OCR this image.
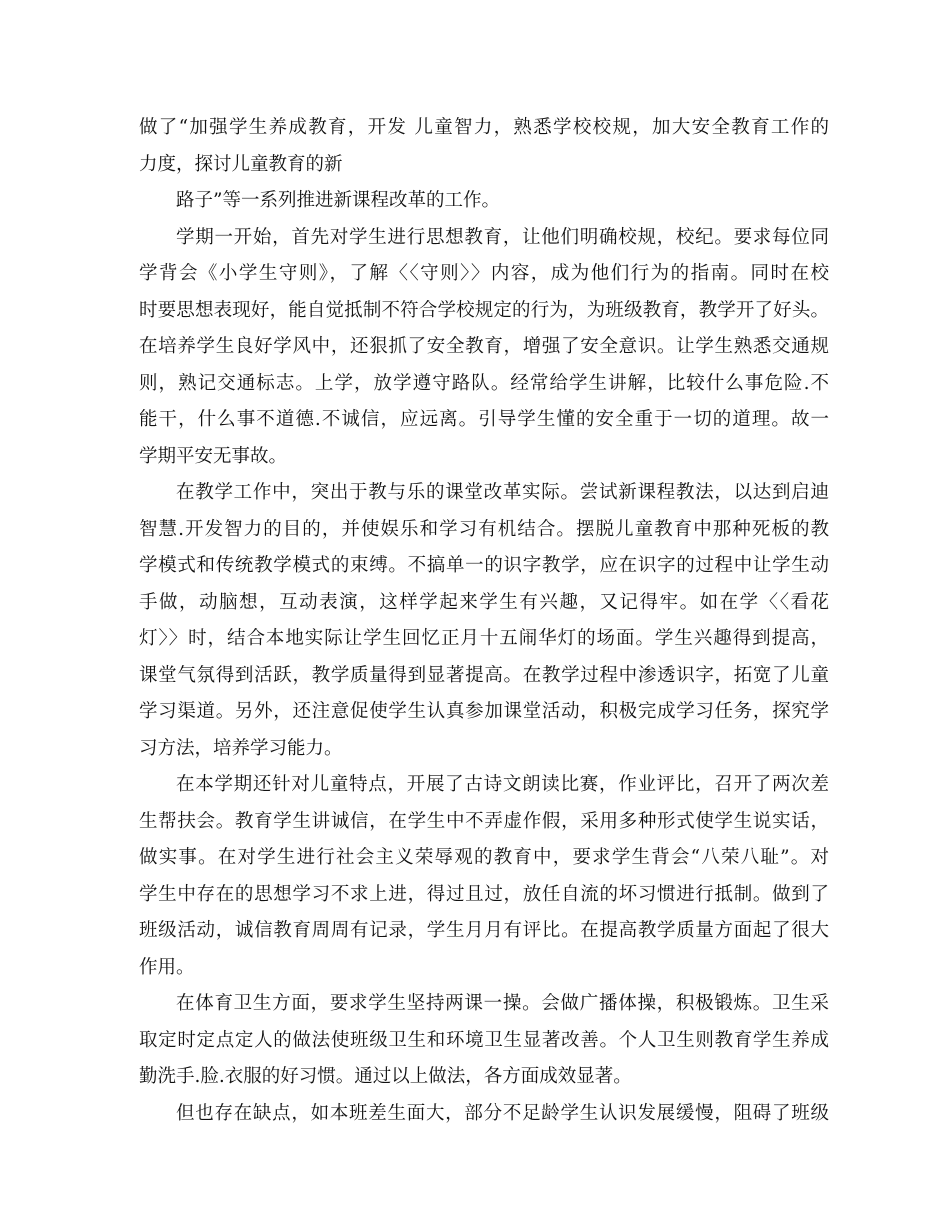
做了“加强学生养成教育，开发 儿童智力，熟悉学校校规，加大安全教育工作的
力度，探讨儿童教育的新
路子”等一系列推进新课程改革的工作。
学期一开始，首先对学生进行思想教育，让他们明确校规，校纪。要求每位同
学背会《小学生守则》，了解〈〈守则〉〉内容，成为他们行为的指南。同时在校
时要思想表现好，能自觉抵制不符合学校规定的行为，为班级教育，教学开了好头。
在培养学生良好学风中，还狠抓了安全教育，增强了安全意识。让学生熟悉交通规
则，熟记交通标志。上学，放学遵守路队。经常给学生讲解，比较什么事危险.不
能干，什么事不道德.不诚信，应远离。引导学生懂的安全重于一切的道理。故一
学期平安无事故。
在教学工作中，突出于教与乐的课堂改革实际。尝试新课程教法，以达到启迪
智慧.开发智力的目的，并使娱乐和学习有机结合。摆脱儿童教育中那种死板的教
学模式和传统教学模式的束缚。不搞单一的识字教学，应在识字的过程中让学生动
手做，动脑想，互动表演，这样学起来学生有兴趣，又记得牢。如在学〈〈看花
灯〉〉时，结合本地实际让学生回忆正月十五闹华灯的场面。学生兴趣得到提高，
课堂气氛得到活跃，教学质量得到显著提高。在教学过程中渗透识字，拓宽了儿童
学习渠道。另外，还注意促使学生认真参加课堂活动，积极完成学习任务，探究学
习方法，培养学习能力。
在本学期还针对儿童特点，开展了古诗文朗读比赛，作业评比，召开了两次差
生帮扶会。教育学生讲诚信，在学生中不弄虚作假，采用多种形式使学生说实话，
做实事。在对学生进行社会主义荣辱观的教育中，要求学生背会“八荣八耻”。对
学生中存在的思想学习不求上进，得过且过，放任自流的坏习惯进行抵制。做到了
班级活动，诚信教育周周有记录，学生月月有评比。在提高教学质量方面起了很大
作用。
在体育卫生方面，要求学生坚持两课一操。会做广播体操，积极锻炼。卫生采
取定时定点定人的做法使班级卫生和环境卫生显著改善。个人卫生则教育学生养成
勤洗手.脸.衣服的好习惯。通过以上做法，各方面成效显著。
但也存在缺点，如本班差生面大，部分不足龄学生认识发展缓慢，阻碍了班级
